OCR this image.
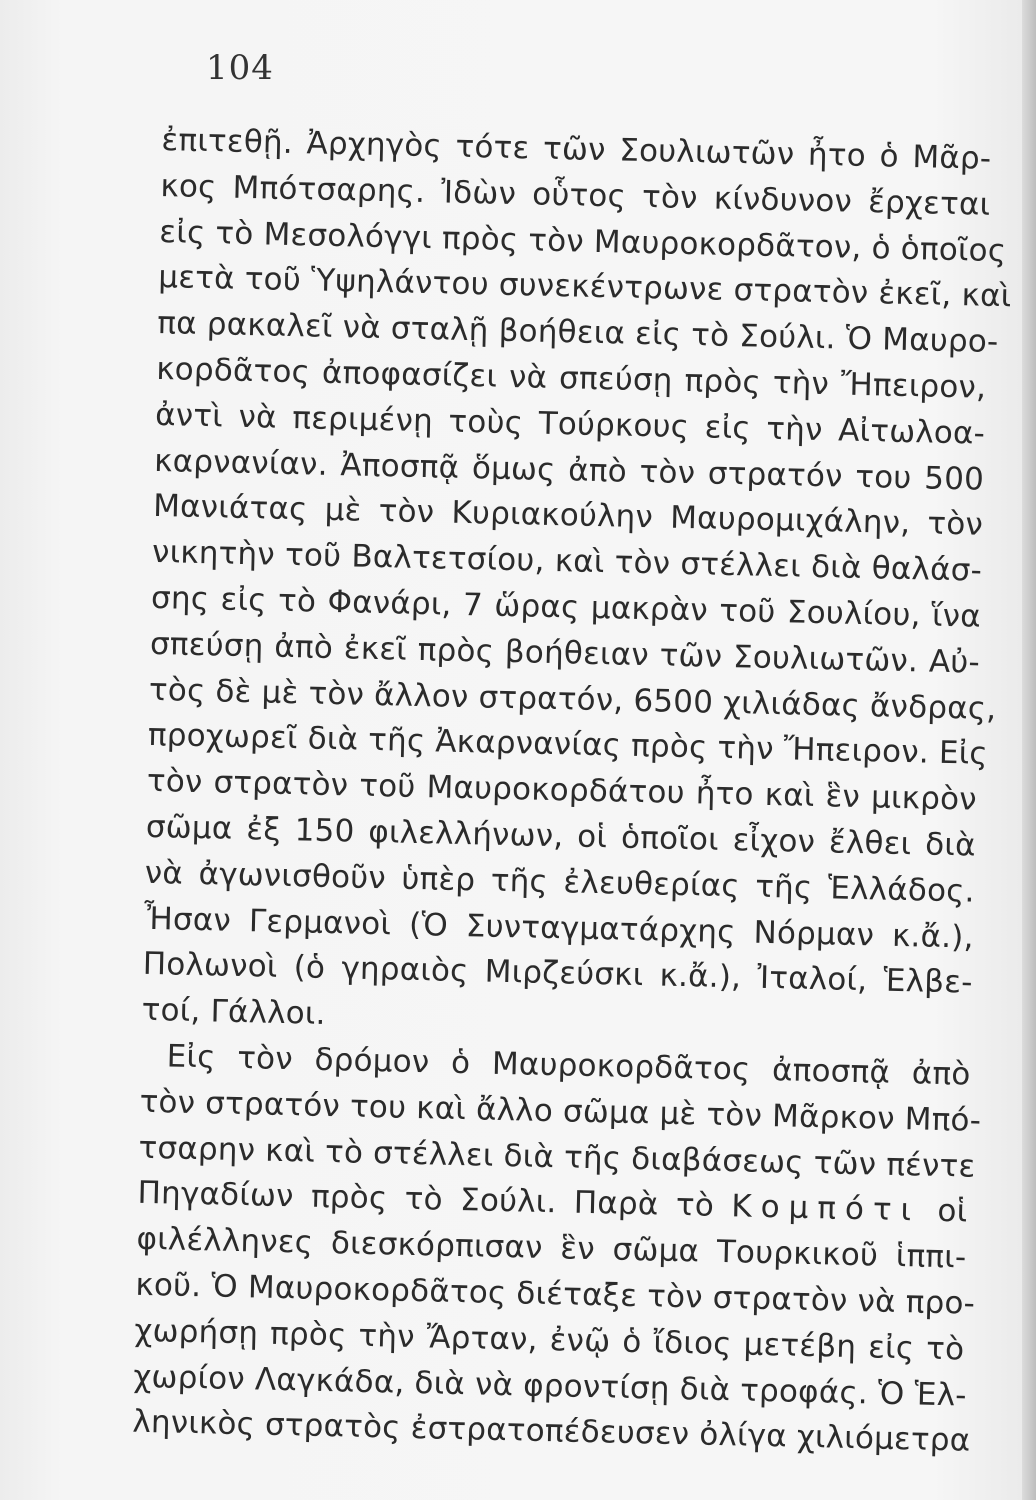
104
ἐπιτεθῇ. Ἀρχηγὸς τότε τῶν Σουλιωτῶν ἦτο ὁ Μᾶρ-
κος Μπότσαρης. Ἰδὼν οὗτος τὸν κίνδυνον ἔρχεται
εἰς τὸ Μεσολόγγι πρὸς τὸν Μαυροκορδᾶτον, ὁ ὁποῖος
μετὰ τοῦ Ὑψηλάντου συνεκέντρωνε στρατὸν ἐκεῖ, καὶ
πα ρακαλεῖ νὰ σταλῇ βοήθεια εἰς τὸ Σούλι. Ὁ Μαυρο-
κορδᾶτος ἀποφασίζει νὰ σπεύσῃ πρὸς τὴν Ἤπειρον,
ἀντὶ νὰ περιμένῃ τοὺς Τούρκους εἰς τὴν Αἰτωλοα-
καρνανίαν. Ἀποσπᾷ ὅμως ἀπὸ τὸν στρατόν του 500
Μανιάτας μὲ τὸν Κυριακούλην Μαυρομιχάλην, τὸν
νικητὴν τοῦ Βαλτετσίου, καὶ τὸν στέλλει διὰ θαλάσ-
σης εἰς τὸ Φανάρι, 7 ὥρας μακρὰν τοῦ Σουλίου, ἵνα
σπεύσῃ ἀπὸ ἐκεῖ πρὸς βοήθειαν τῶν Σουλιωτῶν. Αὐ-
τὸς δὲ μὲ τὸν ἄλλον στρατόν, 6500 χιλιάδας ἄνδρας,
προχωρεῖ διὰ τῆς Ἀκαρνανίας πρὸς τὴν Ἤπειρον. Εἰς
τὸν στρατὸν τοῦ Μαυροκορδάτου ἦτο καὶ ἓν μικρὸν
σῶμα ἐξ 150 φιλελλήνων, οἱ ὁποῖοι εἶχον ἔλθει διὰ
νὰ ἀγωνισθοῦν ὑπὲρ τῆς ἐλευθερίας τῆς Ἑλλάδος.
Ἦσαν Γερμανοὶ (Ὁ Συνταγματάρχης Νόρμαν κ.ἄ.),
Πολωνοὶ (ὁ γηραιὸς Μιρζεύσκι κ.ἄ.), Ἰταλοί, Ἑλβε-
τοί, Γάλλοι.
Εἰς τὸν δρόμον ὁ Μαυροκορδᾶτος ἀποσπᾷ ἀπὸ
τὸν στρατόν του καὶ ἄλλο σῶμα μὲ τὸν Μᾶρκον Μπό-
τσαρην καὶ τὸ στέλλει διὰ τῆς διαβάσεως τῶν πέντε
Πηγαδίων πρὸς τὸ Σούλι. Παρὰ τὸ Κομπότι οἱ
φιλέλληνες διεσκόρπισαν ἓν σῶμα Τουρκικοῦ ἱππι-
κοῦ. Ὁ Μαυροκορδᾶτος διέταξε τὸν στρατὸν νὰ προ-
χωρήσῃ πρὸς τὴν Ἄρταν, ἐνῷ ὁ ἴδιος μετέβη εἰς τὸ
χωρίον Λαγκάδα, διὰ νὰ φροντίσῃ διὰ τροφάς. Ὁ Ἑλ-
ληνικὸς στρατὸς ἐστρατοπέδευσεν ὀλίγα χιλιόμετρα
